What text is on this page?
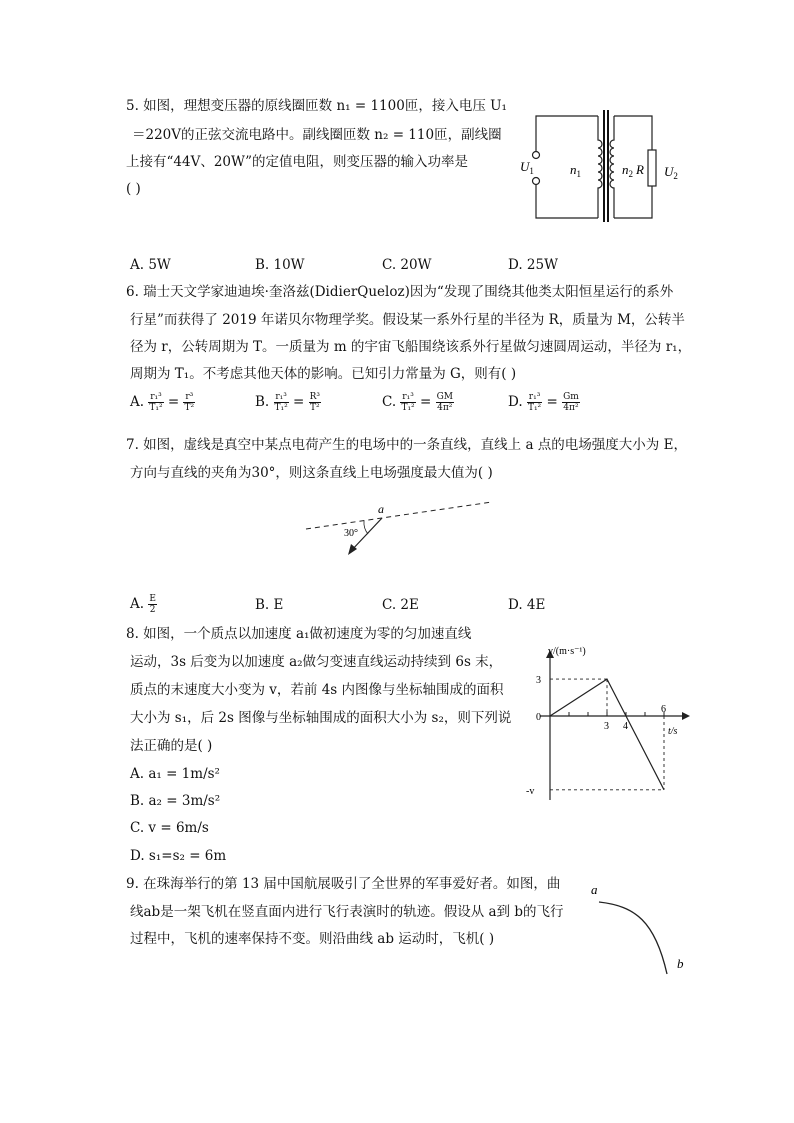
5. 如图，理想变压器的原线圈匝数 n₁ = 1100匝，接入电压 U₁
＝220V的正弦交流电路中。副线圈匝数 n₂ = 110匝，副线圈
上接有“44V、20W”的定值电阻，则变压器的输入功率是
( )
$U_1$	$n_1$	$n_2$ R $U_2$
A. 5W	B. 10W	C. 20W	D. 25W
6. 瑞士天文学家迪迪埃·奎洛兹(DidierQueloz)因为“发现了围绕其他类太阳恒星运行的系外
行星”而获得了 2019 年诺贝尔物理学奖。假设某一系外行星的半径为 R，质量为 M，公转半
径为 r，公转周期为 T。一质量为 m 的宇宙飞船围绕该系外行星做匀速圆周运动，半径为 r₁，
周期为 T₁。不考虑其他天体的影响。已知引力常量为 G，则有( )
A. $\frac{\text{r₁³}}{\text{T₁²}} = \frac{\text{r³}}{\text{T²}}$	B. $\frac{\text{r₁³}}{\text{T₁²}} = \frac{\text{R³}}{\text{T²}}$	C. $\frac{\text{r₁³}}{\text{T₁²}} = \frac{GM}{\text{4π²}}$	D. $\frac{\text{r₁³}}{\text{T₁²}} = \frac{Gm}{\text{4π²}}$
7. 如图，虚线是真空中某点电荷产生的电场中的一条直线，直线上 a 点的电场强度大小为 E，
方向与直线的夹角为30°，则这条直线上电场强度最大值为( )
a
30°
A. $\frac{E}{2}$	B. E	C. 2E	D. 4E
8. 如图，一个质点以加速度 a₁做初速度为零的匀加速直线
运动，3s 后变为以加速度 a₂做匀变速直线运动持续到 6s 末，
质点的末速度大小变为 v，若前 4s 内图像与坐标轴围成的面积
大小为 s₁，后 2s 图像与坐标轴围成的面积大小为 s₂，则下列说
法正确的是( )
A. a₁ = 1m/s²
B. a₂ = 3m/s²
C. v = 6m/s
D. s₁=s₂ = 6m
3 4
6
3
-v
v/(m·s⁻¹)
t/s
0
9. 在珠海举行的第 13 届中国航展吸引了全世界的军事爱好者。如图，曲
线ab是一架飞机在竖直面内进行飞行表演时的轨迹。假设从 a到 b的飞行
过程中，飞机的速率保持不变。则沿曲线 ab 运动时，飞机( )
a
b
